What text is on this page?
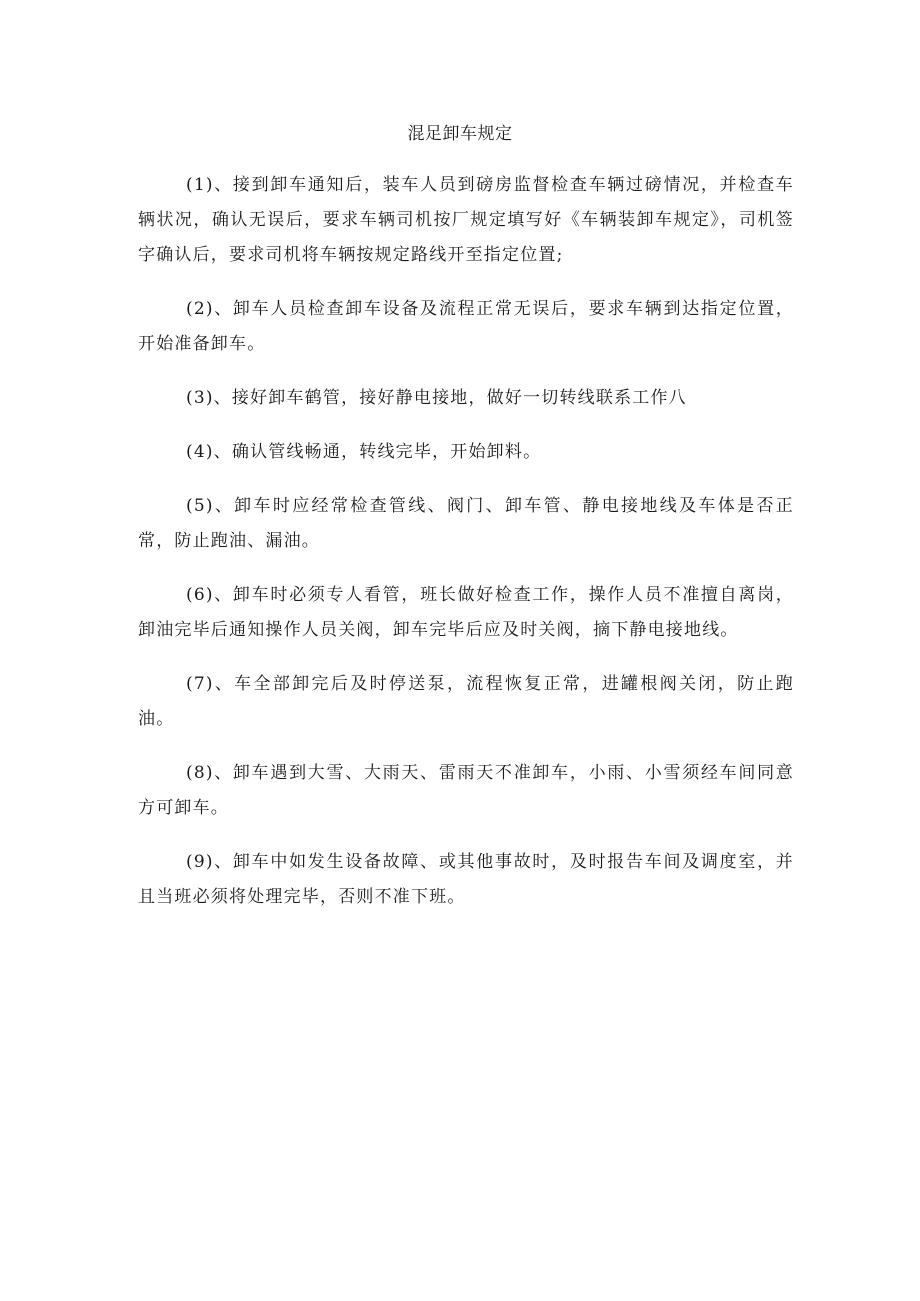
混足卸车规定

(1)、接到卸车通知后，装车人员到磅房监督检查车辆过磅情况，并检查车辆状况，确认无误后，要求车辆司机按厂规定填写好《车辆装卸车规定》，司机签字确认后，要求司机将车辆按规定路线开至指定位置;

(2)、卸车人员检查卸车设备及流程正常无误后，要求车辆到达指定位置，开始准备卸车。

(3)、接好卸车鹤管，接好静电接地，做好一切转线联系工作八

(4)、确认管线畅通，转线完毕，开始卸料。

(5)、卸车时应经常检查管线、阀门、卸车管、静电接地线及车体是否正常，防止跑油、漏油。

(6)、卸车时必须专人看管，班长做好检查工作，操作人员不准擅自离岗，卸油完毕后通知操作人员关阀，卸车完毕后应及时关阀，摘下静电接地线。

(7)、车全部卸完后及时停送泵，流程恢复正常，进罐根阀关闭，防止跑油。

(8)、卸车遇到大雪、大雨天、雷雨天不准卸车，小雨、小雪须经车间同意方可卸车。

(9)、卸车中如发生设备故障、或其他事故时，及时报告车间及调度室，并且当班必须将处理完毕，否则不准下班。
